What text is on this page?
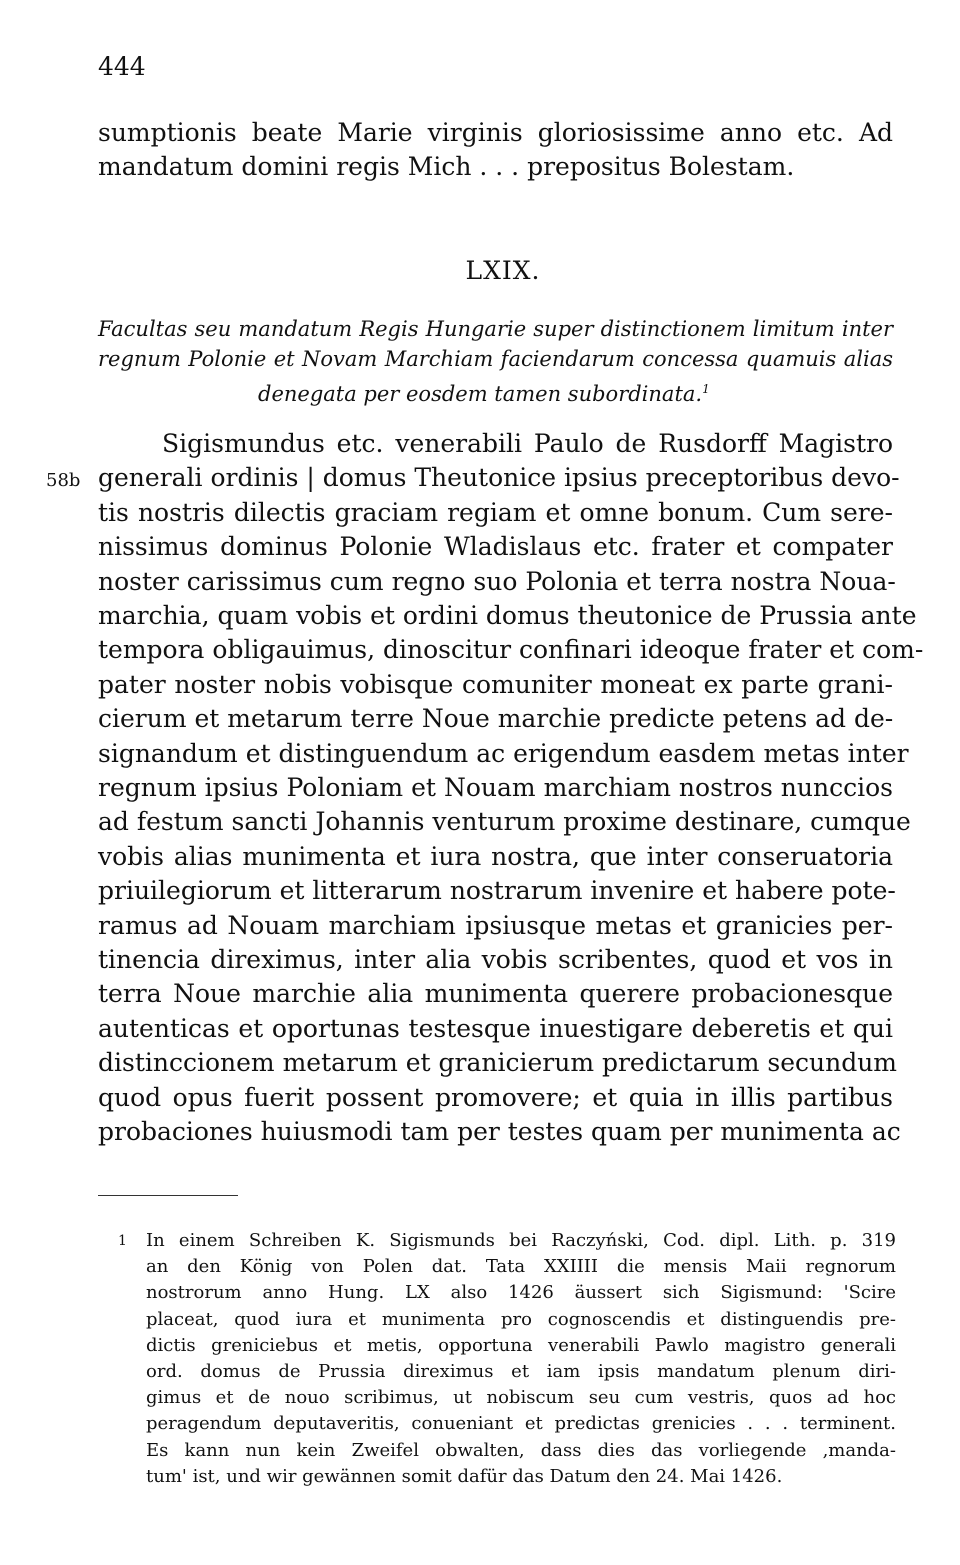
444
sumptionis beate Marie virginis gloriosissime anno etc. Ad
mandatum domini regis Mich . . . prepositus Bolestam.
LXIX.
Facultas seu mandatum Regis Hungarie super distinctionem limitum inter
regnum Polonie et Novam Marchiam faciendarum concessa quamuis alias
denegata per eosdem tamen subordinata.$^1$
58b
Sigismundus etc. venerabili Paulo de Rusdorff Magistro
generali ordinis | domus Theutonice ipsius preceptoribus devo-
tis nostris dilectis graciam regiam et omne bonum. Cum sere-
nissimus dominus Polonie Wladislaus etc. frater et compater
noster carissimus cum regno suo Polonia et terra nostra Noua-
marchia, quam vobis et ordini domus theutonice de Prussia ante
tempora obligauimus, dinoscitur confinari ideoque frater et com-
pater noster nobis vobisque comuniter moneat ex parte grani-
cierum et metarum terre Noue marchie predicte petens ad de-
signandum et distinguendum ac erigendum easdem metas inter
regnum ipsius Poloniam et Nouam marchiam nostros nunccios
ad festum sancti Johannis venturum proxime destinare, cumque
vobis alias munimenta et iura nostra, que inter conseruatoria
priuilegiorum et litterarum nostrarum invenire et habere pote-
ramus ad Nouam marchiam ipsiusque metas et granicies per-
tinencia direximus, inter alia vobis scribentes, quod et vos in
terra Noue marchie alia munimenta querere probacionesque
autenticas et oportunas testesque inuestigare deberetis et qui
distinccionem metarum et granicierum predictarum secundum
quod opus fuerit possent promovere; et quia in illis partibus
probaciones huiusmodi tam per testes quam per munimenta ac
1 In einem Schreiben K. Sigismunds bei Raczyński, Cod. dipl. Lith. p. 319
an den König von Polen dat. Tata XXIIII die mensis Maii regnorum
nostrorum anno Hung. LX also 1426 äussert sich Sigismund: 'Scire
placeat, quod iura et munimenta pro cognoscendis et distinguendis pre-
dictis greniciebus et metis, opportuna venerabili Pawlo magistro generali
ord. domus de Prussia direximus et iam ipsis mandatum plenum diri-
gimus et de nouo scribimus, ut nobiscum seu cum vestris, quos ad hoc
peragendum deputaveritis, conueniant et predictas grenicies . . . terminent.
Es kann nun kein Zweifel obwalten, dass dies das vorliegende ‚manda-
tum' ist, und wir gewännen somit dafür das Datum den 24. Mai 1426.
